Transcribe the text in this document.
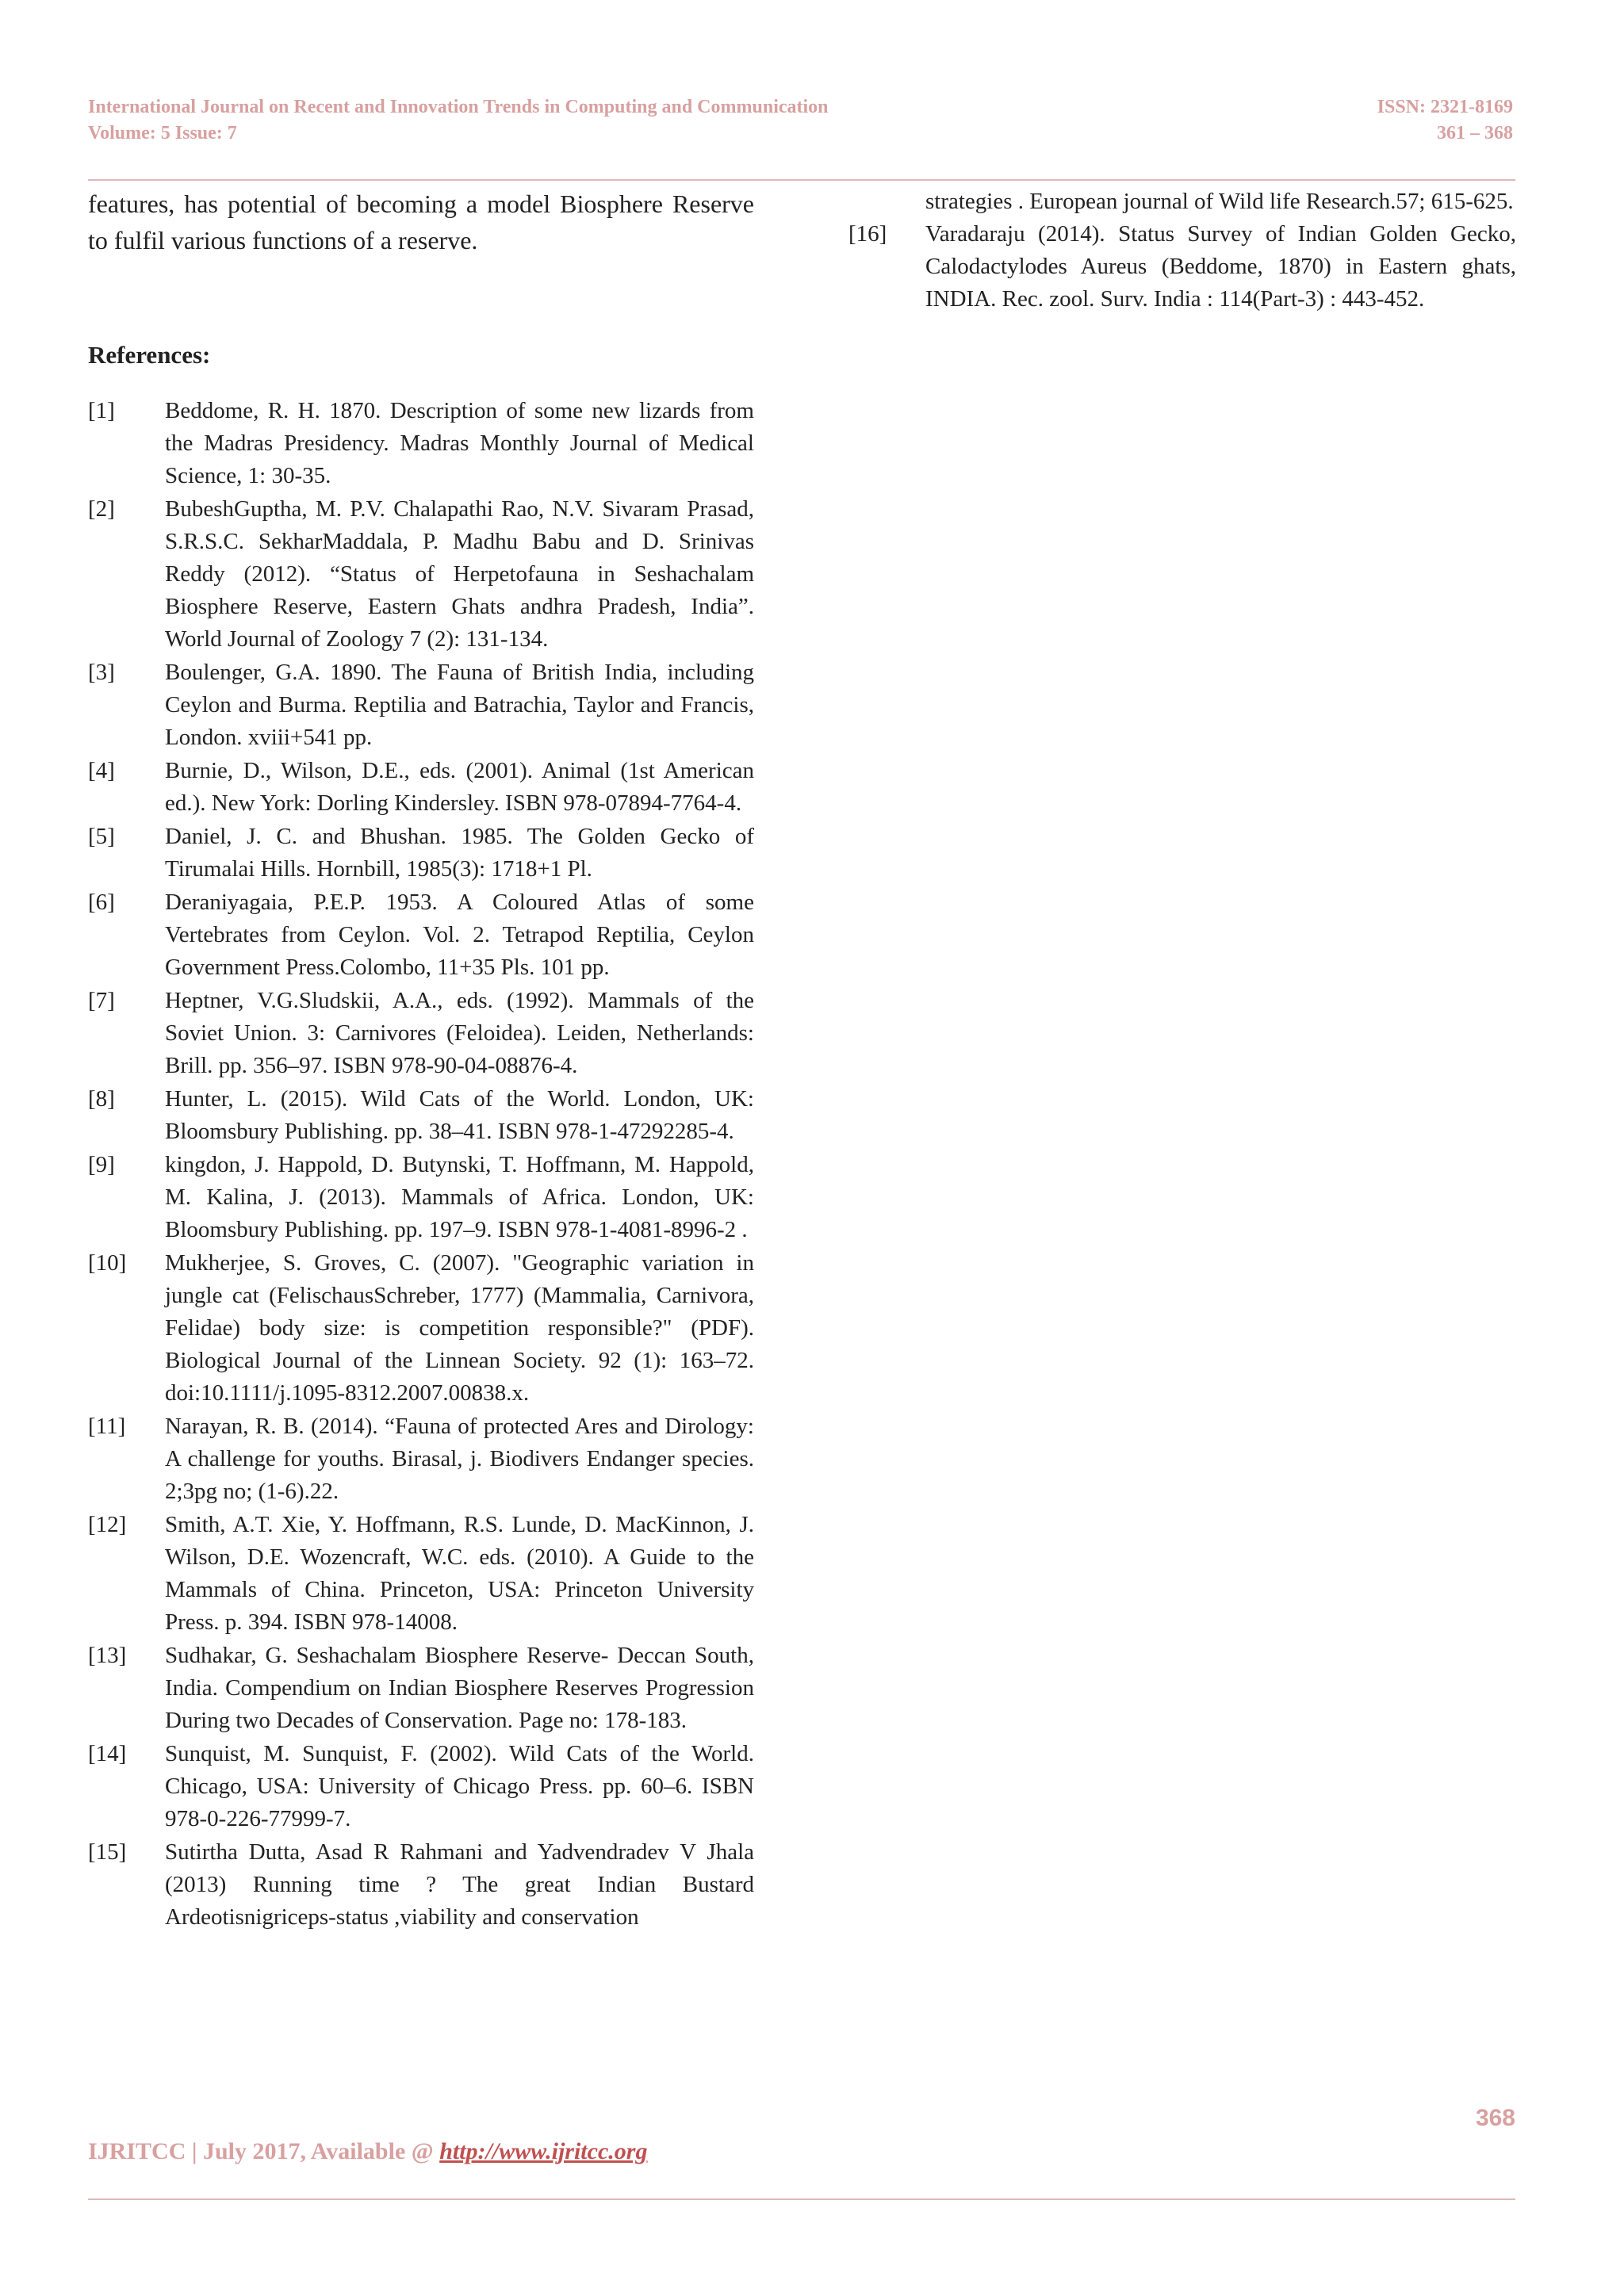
International Journal on Recent and Innovation Trends in Computing and Communication
Volume: 5 Issue: 7
ISSN: 2321-8169
361 – 368

features, has potential of becoming a model Biosphere Reserve to fulfil various functions of a reserve.

References:
[1]	Beddome, R. H. 1870. Description of some new lizards from the Madras Presidency. Madras Monthly Journal of Medical Science, 1: 30-35.
[2]	BubeshGuptha, M. P.V. Chalapathi Rao, N.V. Sivaram Prasad, S.R.S.C. SekharMaddala, P. Madhu Babu and D. Srinivas Reddy (2012). “Status of Herpetofauna in Seshachalam Biosphere Reserve, Eastern Ghats andhra Pradesh, India”. World Journal of Zoology 7 (2): 131-134.
[3]	Boulenger, G.A. 1890. The Fauna of British India, including Ceylon and Burma. Reptilia and Batrachia, Taylor and Francis, London. xviii+541 pp.
[4]	Burnie, D., Wilson, D.E., eds. (2001). Animal (1st American ed.). New York: Dorling Kindersley. ISBN 978-07894-7764-4.
[5]	Daniel, J. C. and Bhushan. 1985. The Golden Gecko of Tirumalai Hills. Hornbill, 1985(3): 1718+1 Pl.
[6]	Deraniyagaia, P.E.P. 1953. A Coloured Atlas of some Vertebrates from Ceylon. Vol. 2. Tetrapod Reptilia, Ceylon Government Press.Colombo, 11+35 Pls. 101 pp.
[7]	Heptner, V.G.Sludskii, A.A., eds. (1992). Mammals of the Soviet Union. 3: Carnivores (Feloidea). Leiden, Netherlands: Brill. pp. 356–97. ISBN 978-90-04-08876-4.
[8]	Hunter, L. (2015). Wild Cats of the World. London, UK: Bloomsbury Publishing. pp. 38–41. ISBN 978-1-47292285-4.
[9]	kingdon, J. Happold, D. Butynski, T. Hoffmann, M. Happold, M. Kalina, J. (2013). Mammals of Africa. London, UK: Bloomsbury Publishing. pp. 197–9. ISBN 978-1-4081-8996-2 .
[10]	Mukherjee, S. Groves, C. (2007). "Geographic variation in jungle cat (FelischausSchreber, 1777) (Mammalia, Carnivora, Felidae) body size: is competition responsible?" (PDF). Biological Journal of the Linnean Society. 92 (1): 163–72. doi:10.1111/j.1095-8312.2007.00838.x.
[11]	Narayan, R. B. (2014). “Fauna of protected Ares and Dirology: A challenge for youths. Birasal, j. Biodivers Endanger species. 2;3pg no; (1-6).22.
[12]	Smith, A.T. Xie, Y. Hoffmann, R.S. Lunde, D. MacKinnon, J. Wilson, D.E. Wozencraft, W.C. eds. (2010). A Guide to the Mammals of China. Princeton, USA: Princeton University Press. p. 394. ISBN 978-14008.
[13]	Sudhakar, G. Seshachalam Biosphere Reserve- Deccan South, India. Compendium on Indian Biosphere Reserves Progression During two Decades of Conservation. Page no: 178-183.
[14]	Sunquist, M. Sunquist, F. (2002). Wild Cats of the World. Chicago, USA: University of Chicago Press. pp. 60–6. ISBN 978-0-226-77999-7.
[15]	Sutirtha Dutta, Asad R Rahmani and Yadvendradev V Jhala (2013) Running time ? The great Indian Bustard Ardeotisnigriceps-status ,viability and conservation

strategies . European journal of Wild life Research.57; 615-625.

[16]	Varadaraju (2014). Status Survey of Indian Golden Gecko, Calodactylodes Aureus (Beddome, 1870) in Eastern ghats, INDIA. Rec. zool. Surv. India : 114(Part-3) : 443-452.
368
IJRITCC | July 2017, Available @ http://www.ijritcc.org
